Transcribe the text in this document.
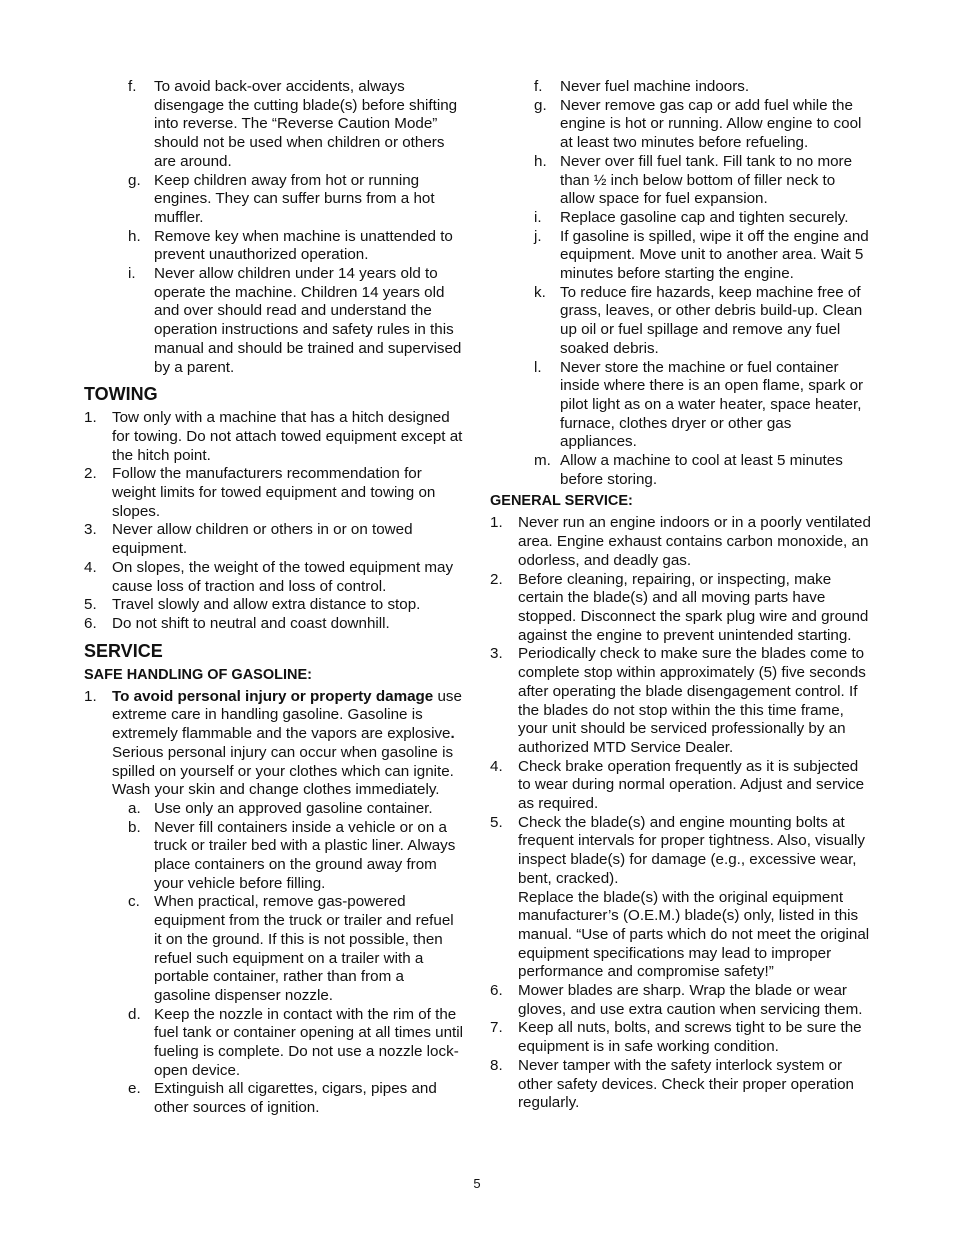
f. To avoid back-over accidents, always disengage the cutting blade(s) before shifting into reverse. The “Reverse Caution Mode” should not be used when children or others are around.
g. Keep children away from hot or running engines. They can suffer burns from a hot muffler.
h. Remove key when machine is unattended to prevent unauthorized operation.
i. Never allow children under 14 years old to operate the machine. Children 14 years old and over should read and understand the operation instructions and safety rules in this manual and should be trained and supervised by a parent.
TOWING
1. Tow only with a machine that has a hitch designed for towing. Do not attach towed equipment except at the hitch point.
2. Follow the manufacturers recommendation for weight limits for towed equipment and towing on slopes.
3. Never allow children or others in or on towed equipment.
4. On slopes, the weight of the towed equipment may cause loss of traction and loss of control.
5. Travel slowly and allow extra distance to stop.
6. Do not shift to neutral and coast downhill.
SERVICE
SAFE HANDLING OF GASOLINE:
1. To avoid personal injury or property damage use extreme care in handling gasoline. Gasoline is extremely flammable and the vapors are explosive. Serious personal injury can occur when gasoline is spilled on yourself or your clothes which can ignite. Wash your skin and change clothes immediately.
a. Use only an approved gasoline container.
b. Never fill containers inside a vehicle or on a truck or trailer bed with a plastic liner. Always place containers on the ground away from your vehicle before filling.
c. When practical, remove gas-powered equipment from the truck or trailer and refuel it on the ground. If this is not possible, then refuel such equipment on a trailer with a portable container, rather than from a gasoline dispenser nozzle.
d. Keep the nozzle in contact with the rim of the fuel tank or container opening at all times until fueling is complete. Do not use a nozzle lock-open device.
e. Extinguish all cigarettes, cigars, pipes and other sources of ignition.
f. Never fuel machine indoors.
g. Never remove gas cap or add fuel while the engine is hot or running. Allow engine to cool at least two minutes before refueling.
h. Never over fill fuel tank. Fill tank to no more than ½ inch below bottom of filler neck to allow space for fuel expansion.
i. Replace gasoline cap and tighten securely.
j. If gasoline is spilled, wipe it off the engine and equipment. Move unit to another area. Wait 5 minutes before starting the engine.
k. To reduce fire hazards, keep machine free of grass, leaves, or other debris build-up. Clean up oil or fuel spillage and remove any fuel soaked debris.
l. Never store the machine or fuel container inside where there is an open flame, spark or pilot light as on a water heater, space heater, furnace, clothes dryer or other gas appliances.
m. Allow a machine to cool at least 5 minutes before storing.
GENERAL SERVICE:
1. Never run an engine indoors or in a poorly ventilated area. Engine exhaust contains carbon monoxide, an odorless, and deadly gas.
2. Before cleaning, repairing, or inspecting, make certain the blade(s) and all moving parts have stopped. Disconnect the spark plug wire and ground against the engine to prevent unintended starting.
3. Periodically check to make sure the blades come to complete stop within approximately (5) five seconds after operating the blade disengagement control. If the blades do not stop within the this time frame, your unit should be serviced professionally by an authorized MTD Service Dealer.
4. Check brake operation frequently as it is subjected to wear during normal operation. Adjust and service as required.
5. Check the blade(s) and engine mounting bolts at frequent intervals for proper tightness. Also, visually inspect blade(s) for damage (e.g., excessive wear, bent, cracked).
Replace the blade(s) with the original equipment manufacturer’s (O.E.M.) blade(s) only, listed in this manual. “Use of parts which do not meet the original equipment specifications may lead to improper performance and compromise safety!”
6. Mower blades are sharp. Wrap the blade or wear gloves, and use extra caution when servicing them.
7. Keep all nuts, bolts, and screws tight to be sure the equipment is in safe working condition.
8. Never tamper with the safety interlock system or other safety devices. Check their proper operation regularly.
5
